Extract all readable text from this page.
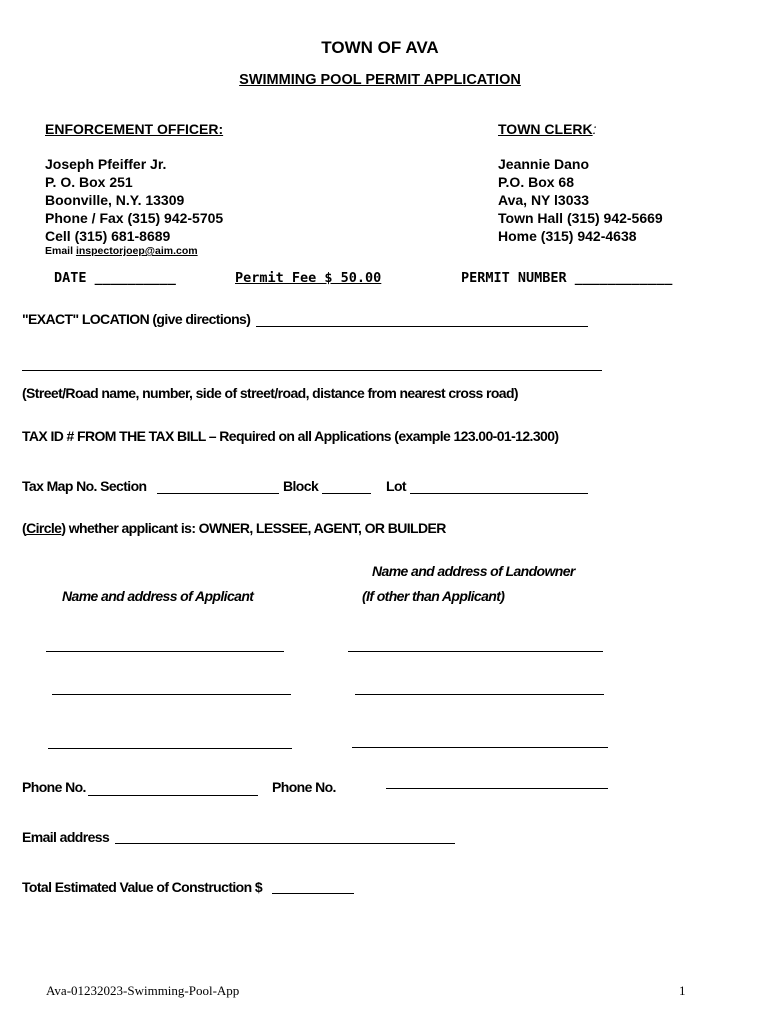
TOWN OF AVA
SWIMMING POOL PERMIT APPLICATION
ENFORCEMENT OFFICER:
Joseph Pfeiffer Jr.
P. O. Box 251
Boonville, N.Y. 13309
Phone / Fax (315) 942-5705
Cell (315) 681-8689
Email inspectorjoep@aim.com
TOWN CLERK:
Jeannie Dano
P.O. Box 68
Ava, NY l3033
Town Hall (315) 942-5669
Home (315) 942-4638
DATE __________	Permit Fee $ 50.00	PERMIT NUMBER ____________
"EXACT" LOCATION (give directions)
(Street/Road name, number, side of street/road, distance from nearest cross road)
TAX ID # FROM THE TAX BILL – Required on all Applications (example 123.00-01-12.300)
Tax Map No. Section	Block	Lot
(Circle) whether applicant is: OWNER, LESSEE, AGENT, OR BUILDER
Name and address of Landowner
Name and address of Applicant	(If other than Applicant)
Phone No.	Phone No.
Email address
Total Estimated Value of Construction $
Ava-01232023-Swimming-Pool-App	1
